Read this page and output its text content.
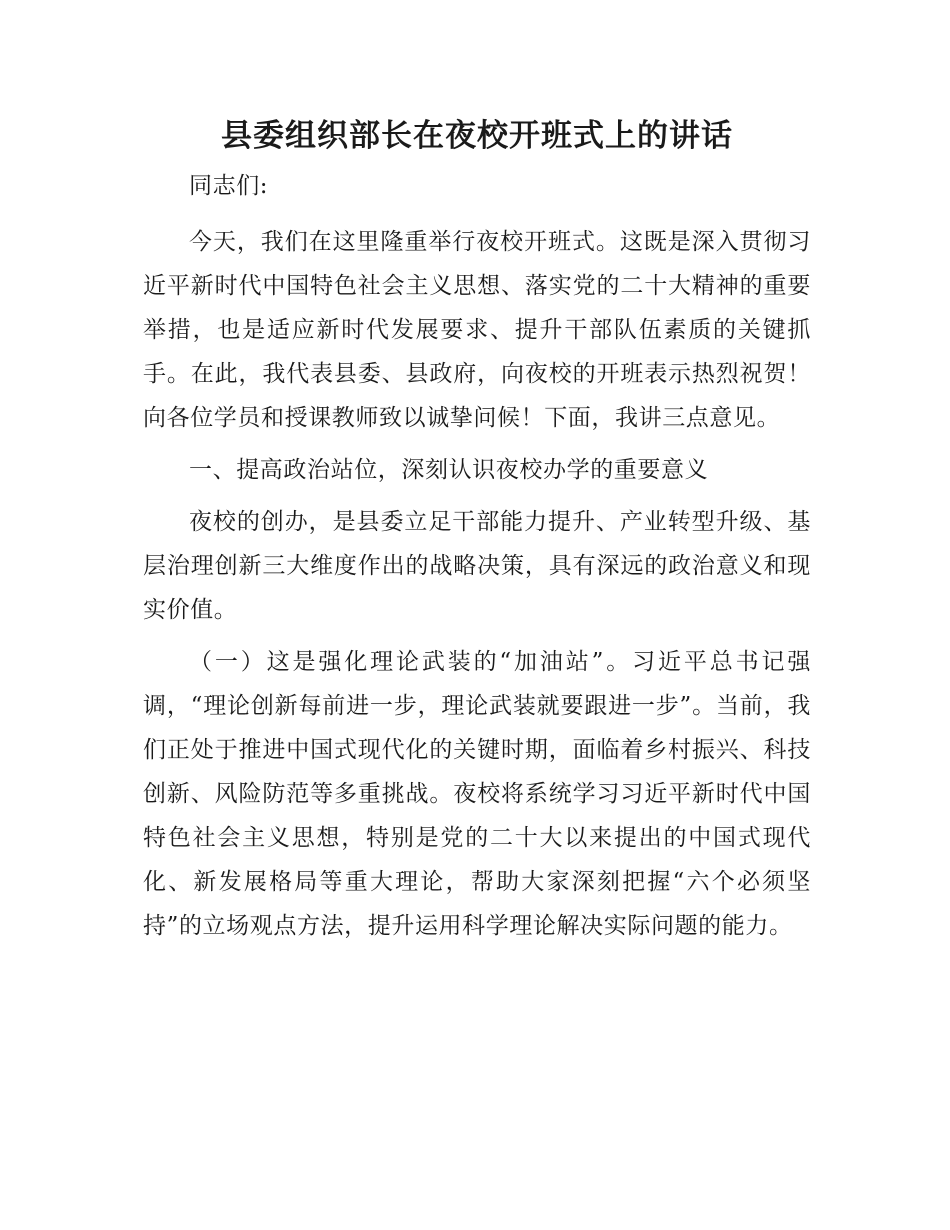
县委组织部长在夜校开班式上的讲话

同志们:

今天，我们在这里隆重举行夜校开班式。这既是深入贯彻习近平新时代中国特色社会主义思想、落实党的二十大精神的重要举措，也是适应新时代发展要求、提升干部队伍素质的关键抓手。在此，我代表县委、县政府，向夜校的开班表示热烈祝贺！向各位学员和授课教师致以诚挚问候！下面，我讲三点意见。

一、提高政治站位，深刻认识夜校办学的重要意义

夜校的创办，是县委立足干部能力提升、产业转型升级、基层治理创新三大维度作出的战略决策，具有深远的政治意义和现实价值。

（一）这是强化理论武装的“加油站”。习近平总书记强调，“理论创新每前进一步，理论武装就要跟进一步”。当前，我们正处于推进中国式现代化的关键时期，面临着乡村振兴、科技创新、风险防范等多重挑战。夜校将系统学习习近平新时代中国特色社会主义思想，特别是党的二十大以来提出的中国式现代化、新发展格局等重大理论，帮助大家深刻把握“六个必须坚持”的立场观点方法，提升运用科学理论解决实际问题的能力。
